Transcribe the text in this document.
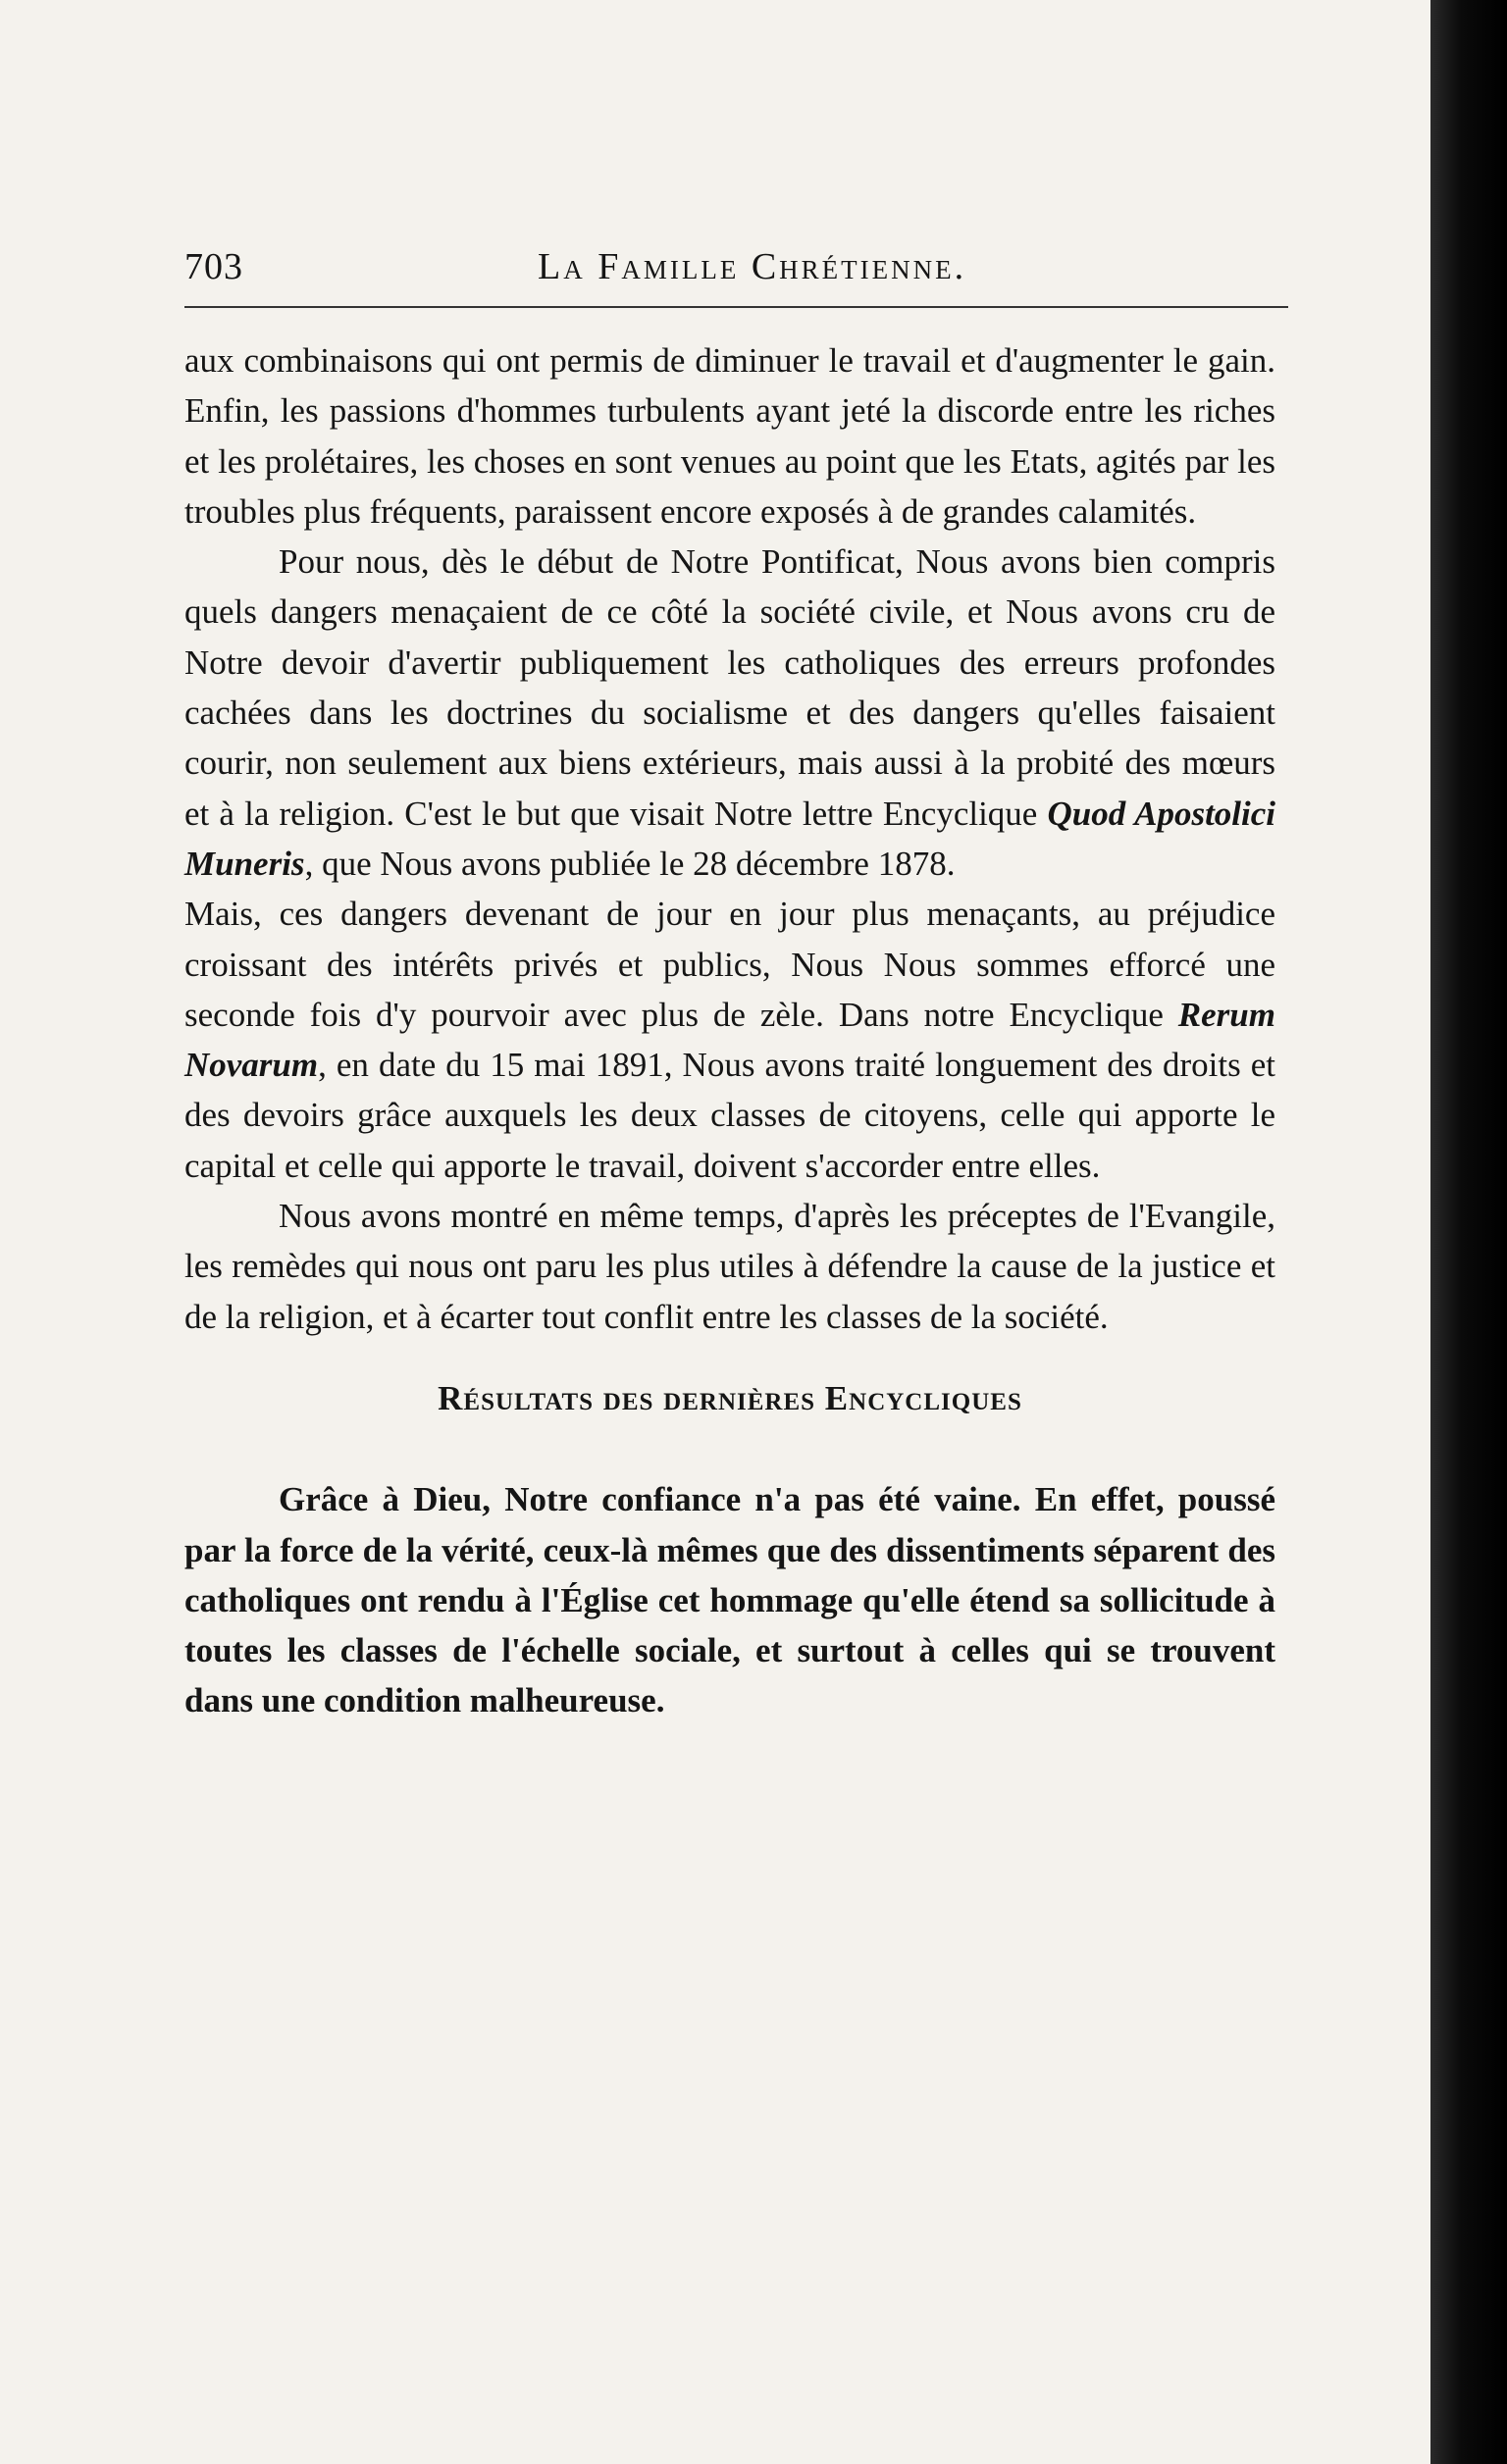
703	La Famille Chrétienne.

aux combinaisons qui ont permis de diminuer le travail et d'augmenter le gain. Enfin, les passions d'hommes turbulents ayant jeté la discorde entre les riches et les prolétaires, les choses en sont venues au point que les Etats, agités par les troubles plus fréquents, paraissent encore exposés à de grandes calamités.

Pour nous, dès le début de Notre Pontificat, Nous avons bien compris quels dangers menaçaient de ce côté la société civile, et Nous avons cru de Notre devoir d'avertir publiquement les catholiques des erreurs profondes cachées dans les doctrines du socialisme et des dangers qu'elles faisaient courir, non seulement aux biens extérieurs, mais aussi à la probité des mœurs et à la religion. C'est le but que visait Notre lettre Encyclique Quod Apostolici Muneris, que Nous avons publiée le 28 décembre 1878.

Mais, ces dangers devenant de jour en jour plus menaçants, au préjudice croissant des intérêts privés et publics, Nous Nous sommes efforcé une seconde fois d'y pourvoir avec plus de zèle. Dans notre Encyclique Rerum Novarum, en date du 15 mai 1891, Nous avons traité longuement des droits et des devoirs grâce auxquels les deux classes de citoyens, celle qui apporte le capital et celle qui apporte le travail, doivent s'accorder entre elles.

Nous avons montré en même temps, d'après les préceptes de l'Evangile, les remèdes qui nous ont paru les plus utiles à défendre la cause de la justice et de la religion, et à écarter tout conflit entre les classes de la société.

Résultats des dernières Encycliques

Grâce à Dieu, Notre confiance n'a pas été vaine. En effet, poussé par la force de la vérité, ceux-là mêmes que des dissentiments séparent des catholiques ont rendu à l'Église cet hommage qu'elle étend sa sollicitude à toutes les classes de l'échelle sociale, et surtout à celles qui se trouvent dans une condition malheureuse.
